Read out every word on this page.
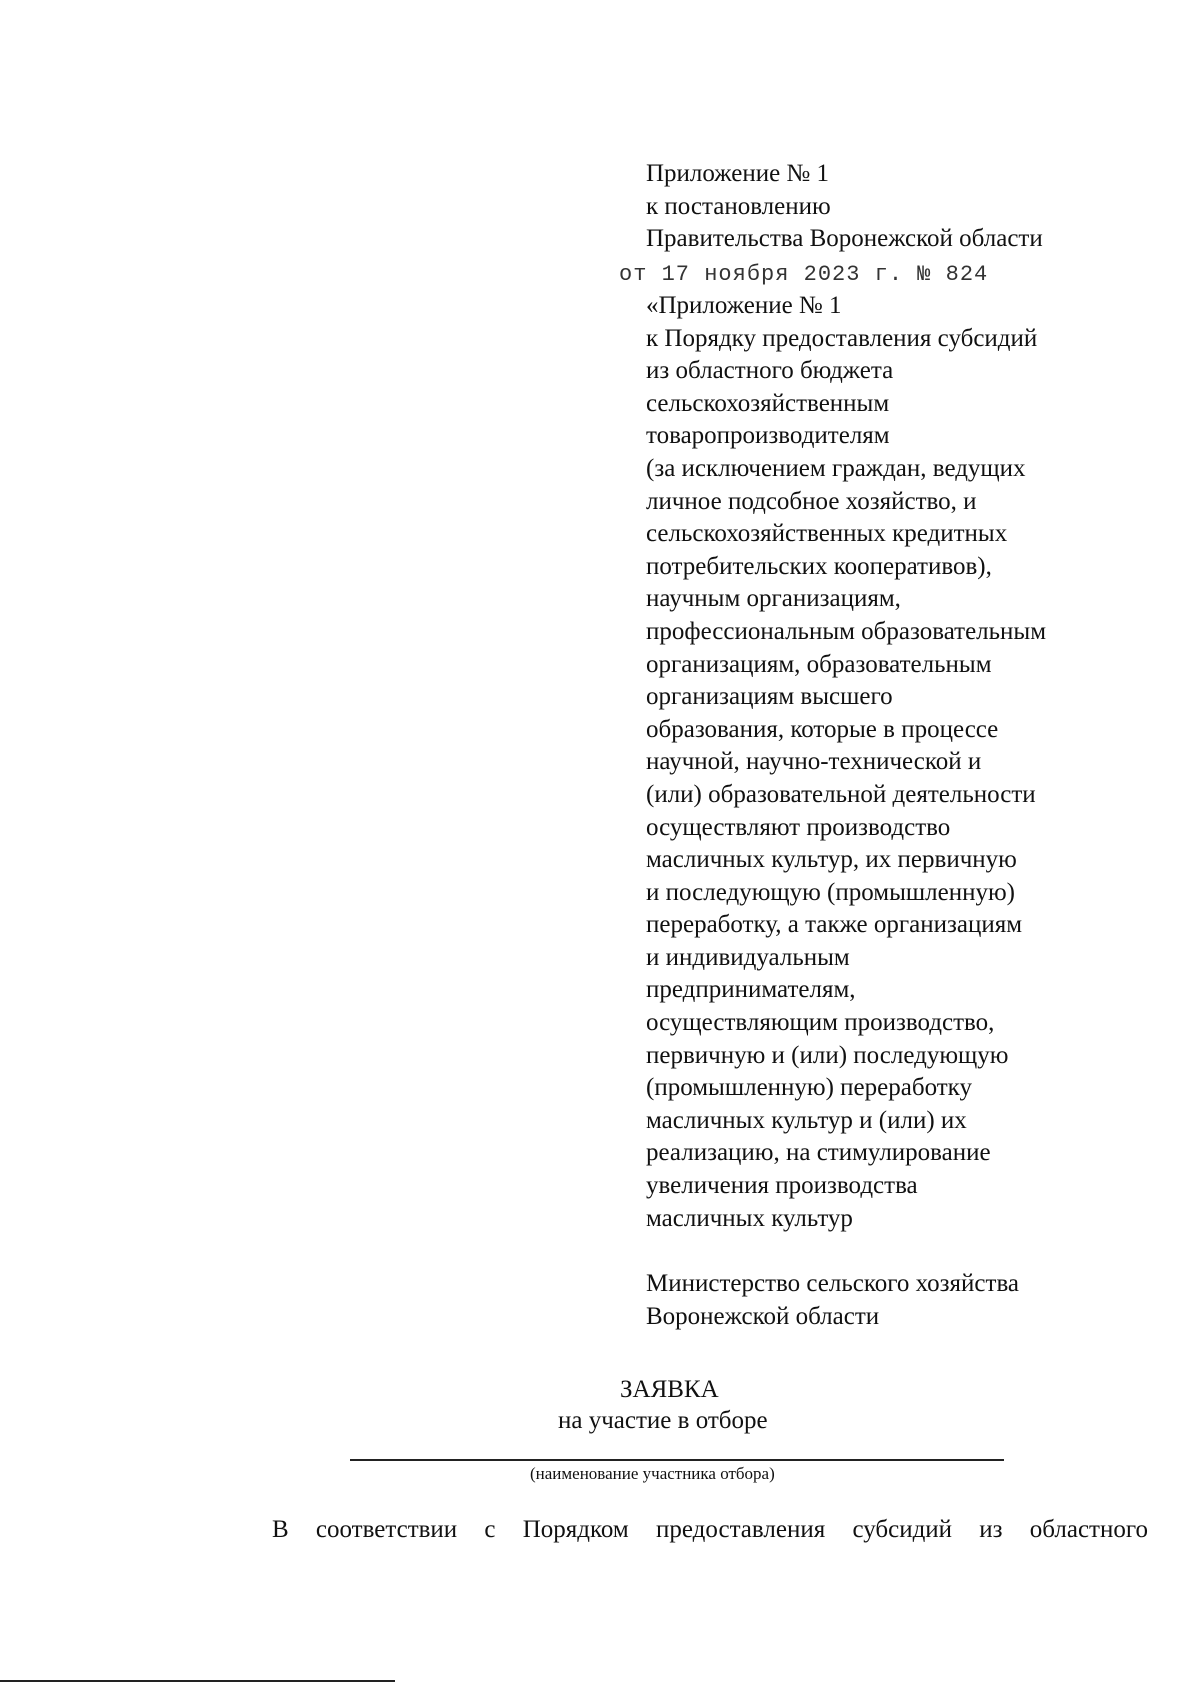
Приложение № 1
к постановлению
Правительства Воронежской области
от 17 ноября 2023 г. № 824
«Приложение № 1
к Порядку предоставления субсидий
из областного бюджета
сельскохозяйственным
товаропроизводителям
(за исключением граждан, ведущих
личное подсобное хозяйство, и
сельскохозяйственных кредитных
потребительских кооперативов),
научным организациям,
профессиональным образовательным
организациям, образовательным
организациям высшего
образования, которые в процессе
научной, научно-технической и
(или) образовательной деятельности
осуществляют производство
масличных культур, их первичную
и последующую (промышленную)
переработку, а также организациям
и индивидуальным
предпринимателям,
осуществляющим производство,
первичную и (или) последующую
(промышленную) переработку
масличных культур и (или) их
реализацию, на стимулирование
увеличения производства
масличных культур
Министерство сельского хозяйства
Воронежской области
ЗАЯВКА
на участие в отборе
(наименование участника отбора)
В соответствии с Порядком предоставления субсидий из областного
